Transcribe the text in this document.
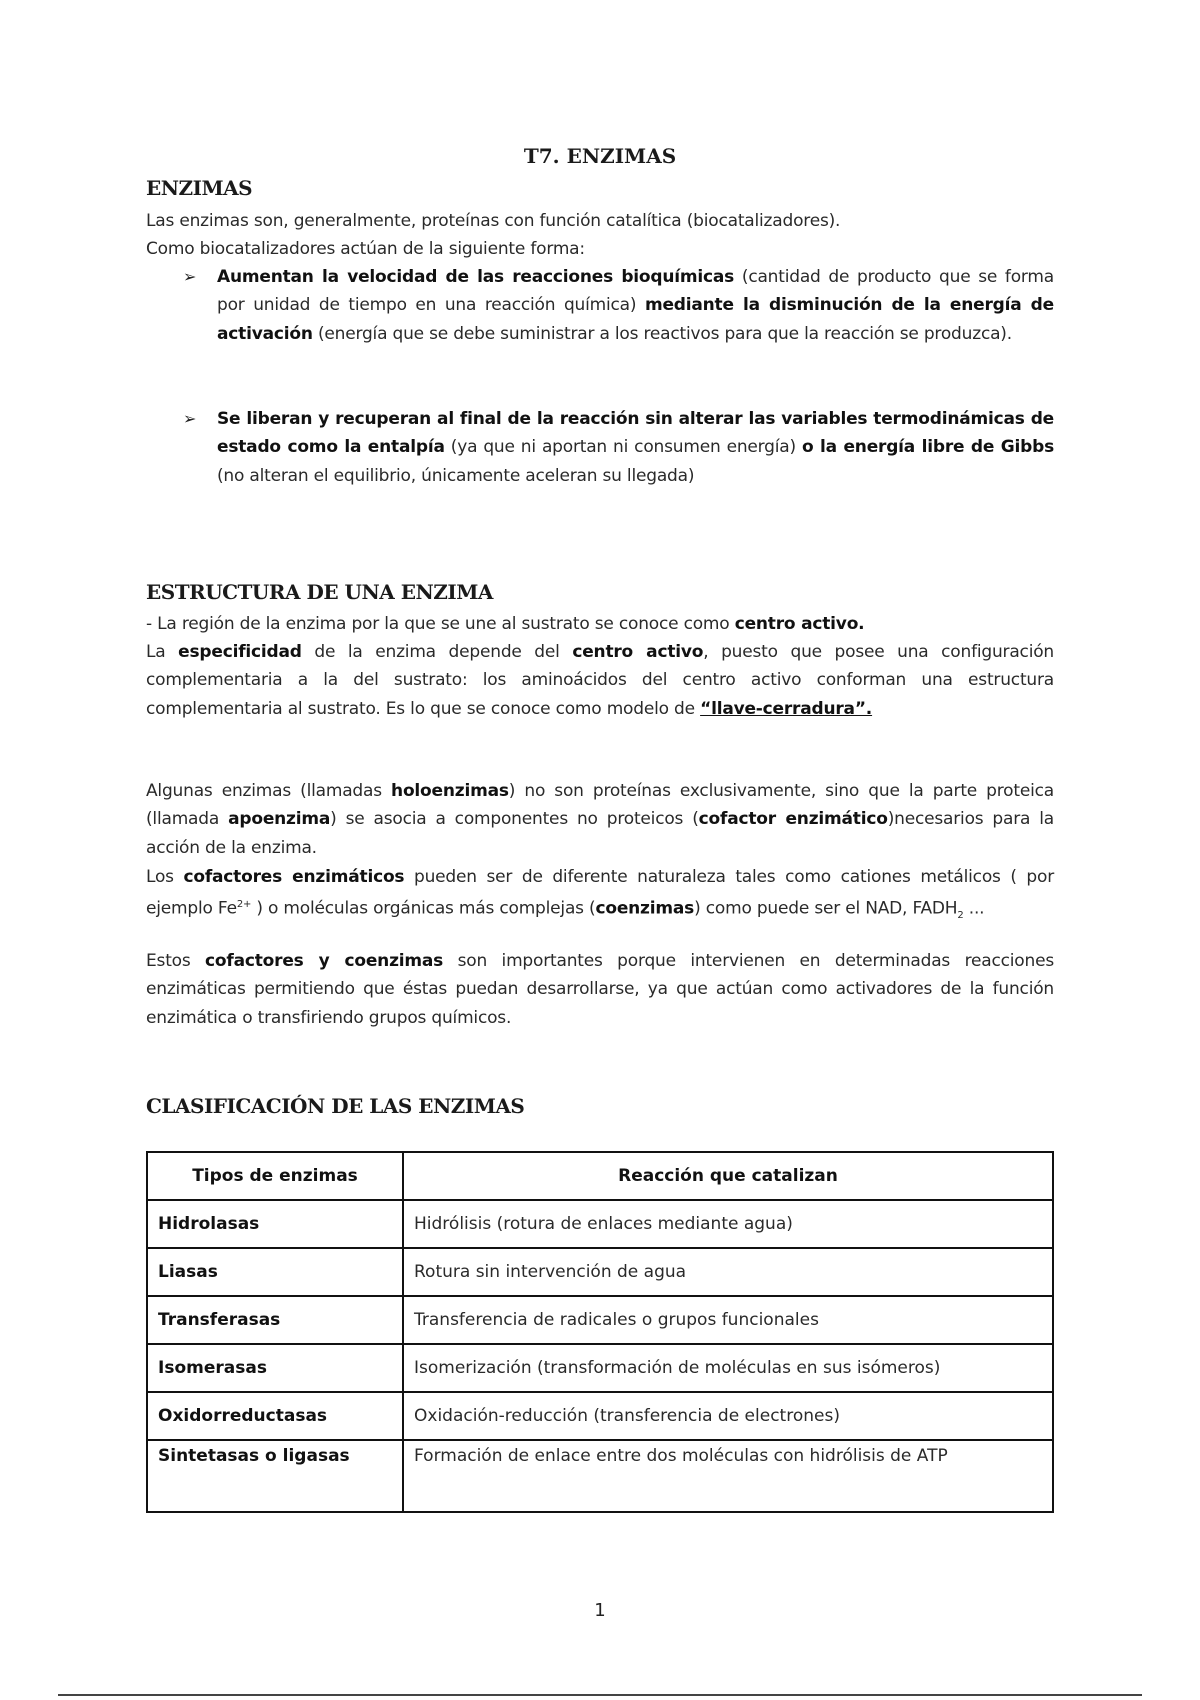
T7. ENZIMAS
ENZIMAS
Las enzimas son, generalmente, proteínas con función catalítica (biocatalizadores).
Como biocatalizadores actúan de la siguiente forma:
➢ Aumentan la velocidad de las reacciones bioquímicas (cantidad de producto que se forma por unidad de tiempo en una reacción química) mediante la disminución de la energía de activación (energía que se debe suministrar a los reactivos para que la reacción se produzca).
➢ Se liberan y recuperan al final de la reacción sin alterar las variables termodinámicas de estado como la entalpía (ya que ni aportan ni consumen energía) o la energía libre de Gibbs (no alteran el equilibrio, únicamente aceleran su llegada)
ESTRUCTURA DE UNA ENZIMA
- La región de la enzima por la que se une al sustrato se conoce como centro activo.
La especificidad de la enzima depende del centro activo, puesto que posee una configuración complementaria a la del sustrato: los aminoácidos del centro activo conforman una estructura complementaria al sustrato. Es lo que se conoce como modelo de “llave-cerradura”.
Algunas enzimas (llamadas holoenzimas) no son proteínas exclusivamente, sino que la parte proteica (llamada apoenzima) se asocia a componentes no proteicos (cofactor enzimático)necesarios para la acción de la enzima.
Los cofactores enzimáticos pueden ser de diferente naturaleza tales como cationes metálicos ( por ejemplo $Fe^{2+}$ ) o moléculas orgánicas más complejas (coenzimas) como puede ser el NAD, $FADH_2$ ...
Estos cofactores y coenzimas son importantes porque intervienen en determinadas reacciones enzimáticas permitiendo que éstas puedan desarrollarse, ya que actúan como activadores de la función enzimática o transfiriendo grupos químicos.
CLASIFICACIÓN DE LAS ENZIMAS
Tipos de enzimas	Reacción que catalizan
Hidrolasas	Hidrólisis (rotura de enlaces mediante agua)
Liasas	Rotura sin intervención de agua
Transferasas	Transferencia de radicales o grupos funcionales
Isomerasas	Isomerización (transformación de moléculas en sus isómeros)
Oxidorreductasas	Oxidación-reducción (transferencia de electrones)
Sintetasas o ligasas	Formación de enlace entre dos moléculas con hidrólisis de ATP
1
